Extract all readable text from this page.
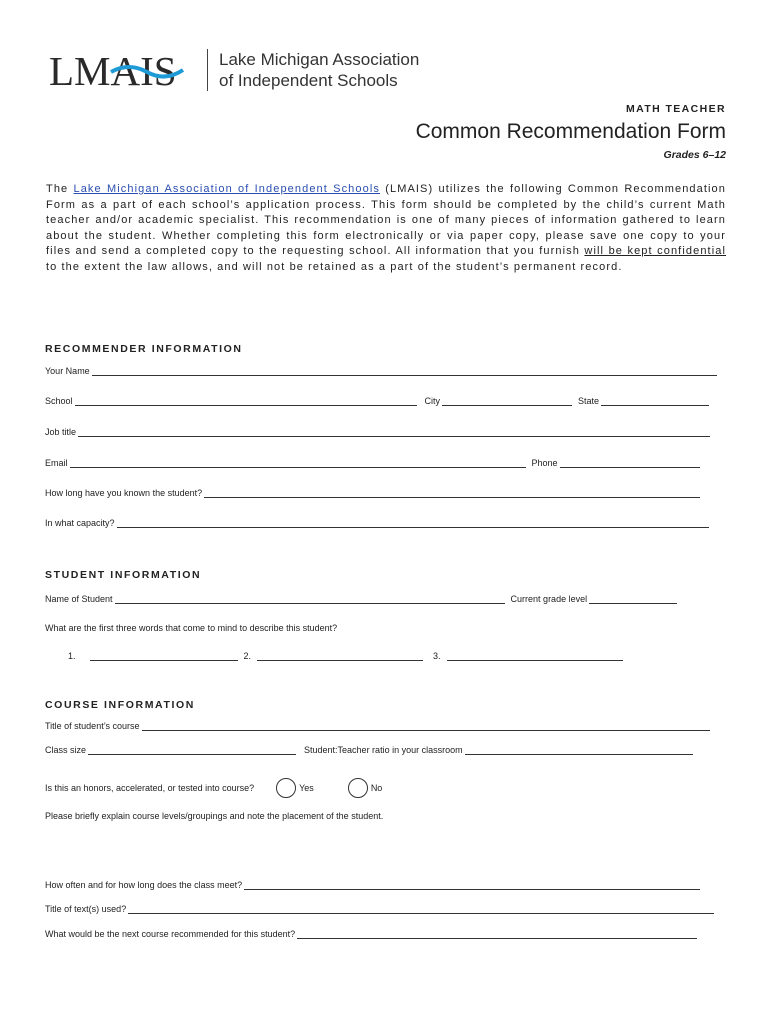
LMAIS Lake Michigan Association
of Independent Schools
MATH TEACHER
Common Recommendation Form
Grades 6–12
The Lake Michigan Association of Independent Schools (LMAIS) utilizes the following Common Recommendation Form as a part of each school’s application process. This form should be completed by the child’s current Math teacher and/or academic specialist. This recommendation is one of many pieces of information gathered to learn about the student. Whether completing this form electronically or via paper copy, please save one copy to your files and send a completed copy to the requesting school. All information that you furnish will be kept confidential to the extent the law allows, and will not be retained as a part of the student’s permanent record.
RECOMMENDER INFORMATION
Your Name
School	City	State
Job title
Email	Phone
How long have you known the student?
In what capacity?
STUDENT INFORMATION
Name of Student	Current grade level
What are the first three words that come to mind to describe this student?
1.	2.	3.
COURSE INFORMATION
Title of student’s course
Class size	Student:Teacher ratio in your classroom
Is this an honors, accelerated, or tested into course?	Yes	No
Please briefly explain course levels/groupings and note the placement of the student.
How often and for how long does the class meet?
Title of text(s) used?
What would be the next course recommended for this student?
